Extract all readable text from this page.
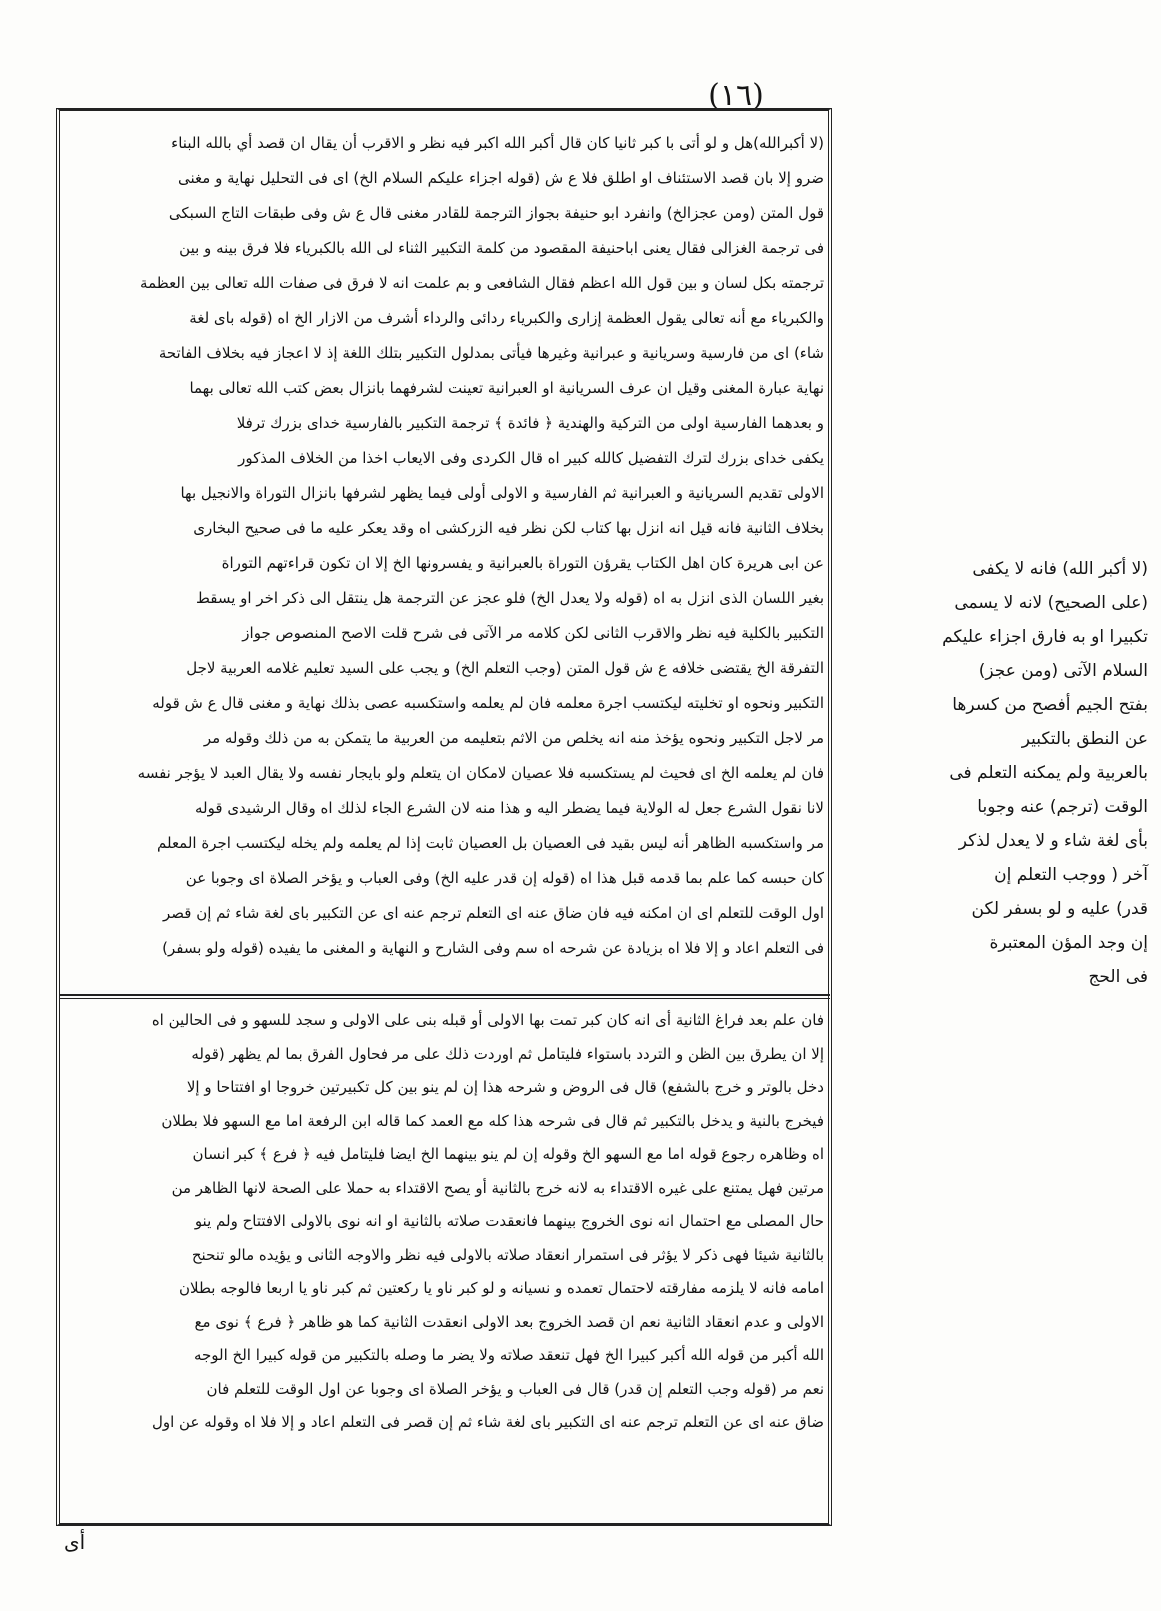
(١٦)
(لا أكبرالله)هل و لو أتى با كبر ثانيا كان قال أكبر الله اكبر فيه نظر و الاقرب أن يقال ان قصد أي بالله البناء
ضرو إلا بان قصد الاستئناف او اطلق فلا ع ش (قوله اجزاء عليكم السلام الخ) اى فى التحليل نهاية و مغنى
قول المتن (ومن عجزالخ) وانفرد ابو حنيفة بجواز الترجمة للقادر مغنى قال ع ش وفى طبقات التاج السبكى
فى ترجمة الغزالى فقال يعنى اباحنيفة المقصود من كلمة التكبير الثناء لى الله بالكبرياء فلا فرق بينه و بين
ترجمته بكل لسان و بين قول الله اعظم فقال الشافعى و بم علمت انه لا فرق فى صفات الله تعالى بين العظمة
والكبرياء مع أنه تعالى يقول العظمة إزارى والكبرياء ردائى والرداء أشرف من الازار الخ اه (قوله باى لغة
شاء) اى من فارسية وسريانية و عبرانية وغيرها فيأتى بمدلول التكبير بتلك اللغة إذ لا اعجاز فيه بخلاف الفاتحة
نهاية عبارة المغنى وقيل ان عرف السريانية او العبرانية تعينت لشرفهما بانزال بعض كتب الله تعالى بهما
و بعدهما الفارسية اولى من التركية والهندية ﴿ فائدة ﴾ ترجمة التكبير بالفارسية خداى بزرك ترفلا
يكفى خداى بزرك لترك التفضيل كالله كبير اه قال الكردى وفى الايعاب اخذا من الخلاف المذكور
الاولى تقديم السريانية و العبرانية ثم الفارسية و الاولى أولى فيما يظهر لشرفها بانزال التوراة والانجيل بها
بخلاف الثانية فانه قيل انه انزل بها كتاب لكن نظر فيه الزركشى اه وقد يعكر عليه ما فى صحيح البخارى
عن ابى هريرة كان اهل الكتاب يقرؤن التوراة بالعبرانية و يفسرونها الخ إلا ان تكون قراءتهم التوراة
بغير اللسان الذى انزل به اه (قوله ولا يعدل الخ) فلو عجز عن الترجمة هل ينتقل الى ذكر اخر او يسقط
التكبير بالكلية فيه نظر والاقرب الثانى لكن كلامه مر الآتى فى شرح قلت الاصح المنصوص جواز
التفرقة الخ يقتضى خلافه ع ش قول المتن (وجب التعلم الخ) و يجب على السيد تعليم غلامه العربية لاجل
التكبير ونحوه او تخليته ليكتسب اجرة معلمه فان لم يعلمه واستكسبه عصى بذلك نهاية و مغنى قال ع ش قوله
مر لاجل التكبير ونحوه يؤخذ منه انه يخلص من الاثم بتعليمه من العربية ما يتمكن به من ذلك وقوله مر
فان لم يعلمه الخ اى فحيث لم يستكسبه فلا عصيان لامكان ان يتعلم ولو بايجار نفسه ولا يقال العبد لا يؤجر نفسه
لانا نقول الشرع جعل له الولاية فيما يضطر اليه و هذا منه لان الشرع الجاء لذلك اه وقال الرشيدى قوله
مر واستكسبه الظاهر أنه ليس بقيد فى العصيان بل العصيان ثابت إذا لم يعلمه ولم يخله ليكتسب اجرة المعلم
كان حبسه كما علم بما قدمه قبل هذا اه (قوله إن قدر عليه الخ) وفى العباب و يؤخر الصلاة اى وجوبا عن
اول الوقت للتعلم اى ان امكنه فيه فان ضاق عنه اى التعلم ترجم عنه اى عن التكبير باى لغة شاء ثم إن قصر
فى التعلم اعاد و إلا فلا اه بزيادة عن شرحه اه سم وفى الشارح و النهاية و المغنى ما يفيده (قوله ولو بسفر)
فان علم بعد فراغ الثانية أى انه كان كبر تمت بها الاولى أو قبله بنى على الاولى و سجد للسهو و فى الحالين اه
إلا ان يطرق بين الظن و التردد باستواء فليتامل ثم اوردت ذلك على مر فحاول الفرق بما لم يظهر (قوله
دخل بالوتر و خرج بالشفع) قال فى الروض و شرحه هذا إن لم ينو بين كل تكبيرتين خروجا او افتتاحا و إلا
فيخرج بالنية و يدخل بالتكبير ثم قال فى شرحه هذا كله مع العمد كما قاله ابن الرفعة اما مع السهو فلا بطلان
اه وظاهره رجوع قوله اما مع السهو الخ وقوله إن لم ينو بينهما الخ ايضا فليتامل فيه ﴿ فرع ﴾ كبر انسان
مرتين فهل يمتنع على غيره الاقتداء به لانه خرج بالثانية أو يصح الاقتداء به حملا على الصحة لانها الظاهر من
حال المصلى مع احتمال انه نوى الخروج بينهما فانعقدت صلاته بالثانية او انه نوى بالاولى الافتتاح ولم ينو
بالثانية شيئا فهى ذكر لا يؤثر فى استمرار انعقاد صلاته بالاولى فيه نظر والاوجه الثانى و يؤيده مالو تنحنح
امامه فانه لا يلزمه مفارقته لاحتمال تعمده و نسيانه و لو كبر ناو يا ركعتين ثم كبر ناو يا اربعا فالوجه بطلان
الاولى و عدم انعقاد الثانية نعم ان قصد الخروج بعد الاولى انعقدت الثانية كما هو ظاهر ﴿ فرع ﴾ نوى مع
الله أكبر من قوله الله أكبر كبيرا الخ فهل تنعقد صلاته ولا يضر ما وصله بالتكبير من قوله كبيرا الخ الوجه
نعم مر (قوله وجب التعلم إن قدر) قال فى العباب و يؤخر الصلاة اى وجوبا عن اول الوقت للتعلم فان
ضاق عنه اى عن التعلم ترجم عنه اى التكبير باى لغة شاء ثم إن قصر فى التعلم اعاد و إلا فلا اه وقوله عن اول
(لا أكبر الله) فانه لا يكفى
(على الصحيح) لانه لا يسمى
تكبيرا او به فارق اجزاء عليكم
السلام الآتى (ومن عجز)
بفتح الجيم أفصح من كسرها
عن النطق بالتكبير
بالعربية ولم يمكنه التعلم فى
الوقت (ترجم) عنه وجوبا
بأى لغة شاء و لا يعدل لذكر
آخر ( ووجب التعلم إن
قدر) عليه و لو بسفر لكن
إن وجد المؤن المعتبرة
فى الحج
أى
